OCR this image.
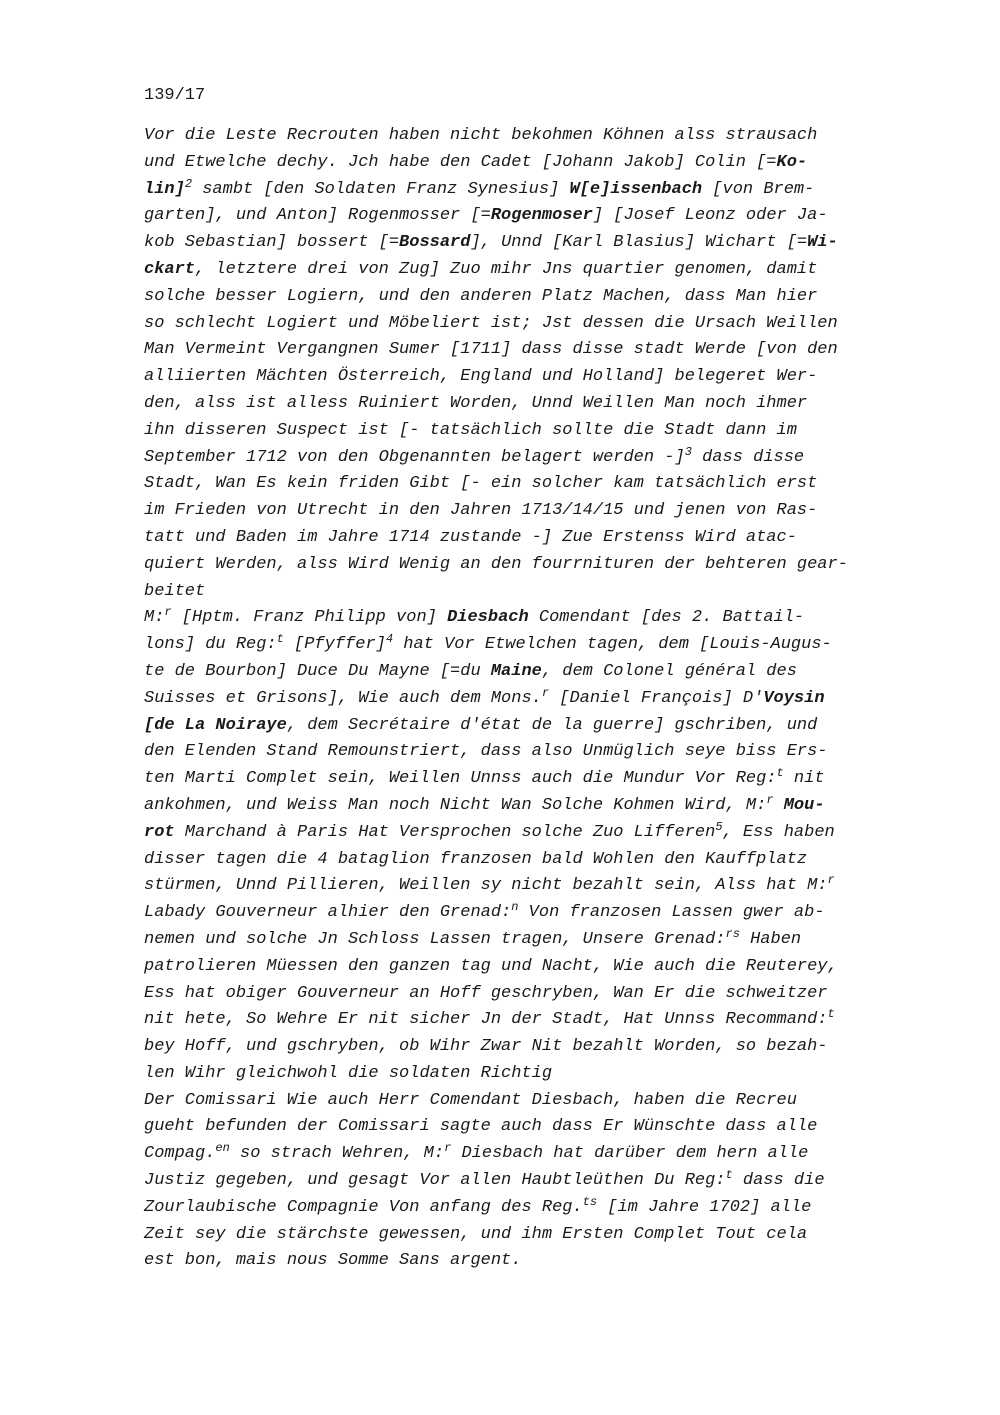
139/17
Vor die Leste Recrouten haben nicht bekohmen Köhnen alss strausach
und Etwelche dechy. Jch habe den Cadet [Johann Jakob] Colin [=Ko-
lin]$^2$ sambt [den Soldaten Franz Synesius] W[e]issenbach [von Brem-
garten], und Anton] Rogenmosser [=Rogenmoser] [Josef Leonz oder Ja-
kob Sebastian] bossert [=Bossard], Unnd [Karl Blasius] Wichart [=Wi-
ckart, letztere drei von Zug] Zuo mihr Jns quartier genomen, damit
solche besser Logiern, und den anderen Platz Machen, dass Man hier
so schlecht Logiert und Möbeliert ist; Jst dessen die Ursach Weillen
Man Vermeint Vergangnen Sumer [1711] dass disse stadt Werde [von den
alliierten Mächten Österreich, England und Holland] belegeret Wer-
den, alss ist alless Ruiniert Worden, Unnd Weillen Man noch ihmer
ihn disseren Suspect ist [- tatsächlich sollte die Stadt dann im
September 1712 von den Obgenannten belagert werden -]$^3$ dass disse
Stadt, Wan Es kein friden Gibt [- ein solcher kam tatsächlich erst
im Frieden von Utrecht in den Jahren 1713/14/15 und jenen von Ras-
tatt und Baden im Jahre 1714 zustande -] Zue Erstenss Wird atac-
quiert Werden, alss Wird Wenig an den fourrnituren der behteren gear-
beitet
M:$^r$ [Hptm. Franz Philipp von] Diesbach Comendant [des 2. Battail-
lons] du Reg:$^t$ [Pfyffer]$^4$ hat Vor Etwelchen tagen, dem [Louis-Augus-
te de Bourbon] Duce Du Mayne [=du Maine, dem Colonel général des
Suisses et Grisons], Wie auch dem Mons.$^r$ [Daniel François] D'Voysin
[de La Noiraye, dem Secrétaire d'état de la guerre] gschriben, und
den Elenden Stand Remounstriert, dass also Unmüglich seye biss Ers-
ten Marti Complet sein, Weillen Unnss auch die Mundur Vor Reg:$^t$ nit
ankohmen, und Weiss Man noch Nicht Wan Solche Kohmen Wird, M:$^r$ Mou-
rot Marchand à Paris Hat Versprochen solche Zuo Lifferen$^5$, Ess haben
disser tagen die 4 bataglion franzosen bald Wohlen den Kauffplatz
stürmen, Unnd Pillieren, Weillen sy nicht bezahlt sein, Alss hat M:$^r$
Labady Gouverneur alhier den Grenad:$^n$ Von franzosen Lassen gwer ab-
nemen und solche Jn Schloss Lassen tragen, Unsere Grenad:$^{rs}$ Haben
patrolieren Müessen den ganzen tag und Nacht, Wie auch die Reuterey,
Ess hat obiger Gouverneur an Hoff geschryben, Wan Er die schweitzer
nit hete, So Wehre Er nit sicher Jn der Stadt, Hat Unnss Recommand:$^t$
bey Hoff, und gschryben, ob Wihr Zwar Nit bezahlt Worden, so bezah-
len Wihr gleichwohl die soldaten Richtig
Der Comissari Wie auch Herr Comendant Diesbach, haben die Recreu
gueht befunden der Comissari sagte auch dass Er Wünschte dass alle
Compag.$^{en}$ so strach Wehren, M:$^r$ Diesbach hat darüber dem hern alle
Justiz gegeben, und gesagt Vor allen Haubtleüthen Du Reg:$^t$ dass die
Zourlaubische Compagnie Von anfang des Reg.$^{ts}$ [im Jahre 1702] alle
Zeit sey die stärchste gewessen, und ihm Ersten Complet Tout cela
est bon, mais nous Somme Sans argent.
